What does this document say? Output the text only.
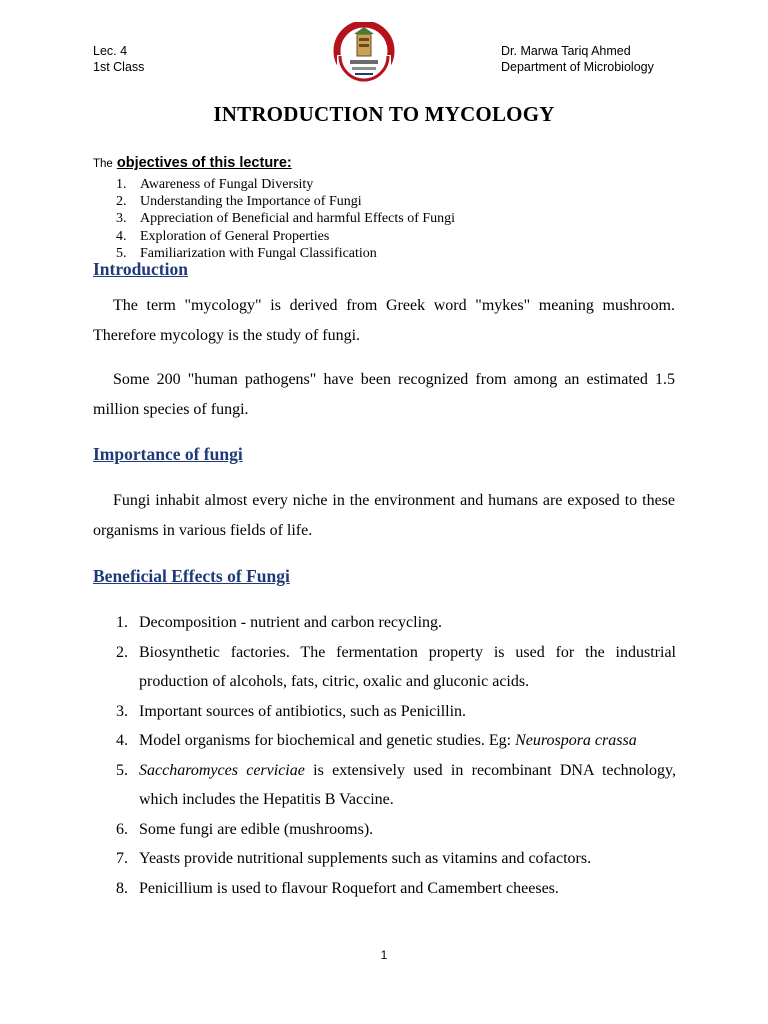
Lec. 4
1st Class
Dr. Marwa Tariq Ahmed
Department of Microbiology
INTRODUCTION TO MYCOLOGY
The objectives of this lecture:
1. Awareness of Fungal Diversity
2. Understanding the Importance of Fungi
3. Appreciation of Beneficial and harmful Effects of Fungi
4. Exploration of General Properties
5. Familiarization with Fungal Classification
Introduction

The term "mycology" is derived from Greek word "mykes" meaning mushroom. Therefore mycology is the study of fungi.

Some 200 "human pathogens" have been recognized from among an estimated 1.5 million species of fungi.

Importance of fungi

Fungi inhabit almost every niche in the environment and humans are exposed to these organisms in various fields of life.

Beneficial Effects of Fungi
1. Decomposition - nutrient and carbon recycling.
2. Biosynthetic factories. The fermentation property is used for the industrial production of alcohols, fats, citric, oxalic and gluconic acids.
3. Important sources of antibiotics, such as Penicillin.
4. Model organisms for biochemical and genetic studies. Eg: Neurospora crassa
5. Saccharomyces cerviciae is extensively used in recombinant DNA technology, which includes the Hepatitis B Vaccine.
6. Some fungi are edible (mushrooms).
7. Yeasts provide nutritional supplements such as vitamins and cofactors.
8. Penicillium is used to flavour Roquefort and Camembert cheeses.
1
